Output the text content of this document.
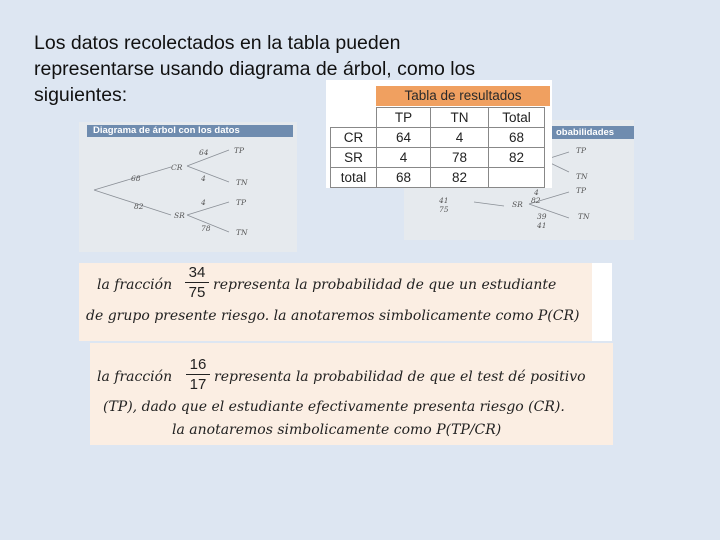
Los datos recolectados en la tabla pueden
representarse usando diagrama de árbol, como los
siguientes:
Diagrama de árbol con los datos
68
82
CR
SR
64
4
4
78
TP
TN
TP
TN
obabilidades
TP
TN
TP
TN
SR
4
82
41
75
39
41
Tabla de resultados
	TP	TN	Total
CR	64	4	68
SR	4	78	82
total	68	82	
la fracción
34
75 representa la probabilidad de que un estudiante
de grupo presente riesgo. la anotaremos simbolicamente como P(CR)
la fracción
16
17 representa la probabilidad de que el test dé positivo
(TP), dado que el estudiante efectivamente presenta riesgo (CR).
la anotaremos simbolicamente como P(TP/CR)
